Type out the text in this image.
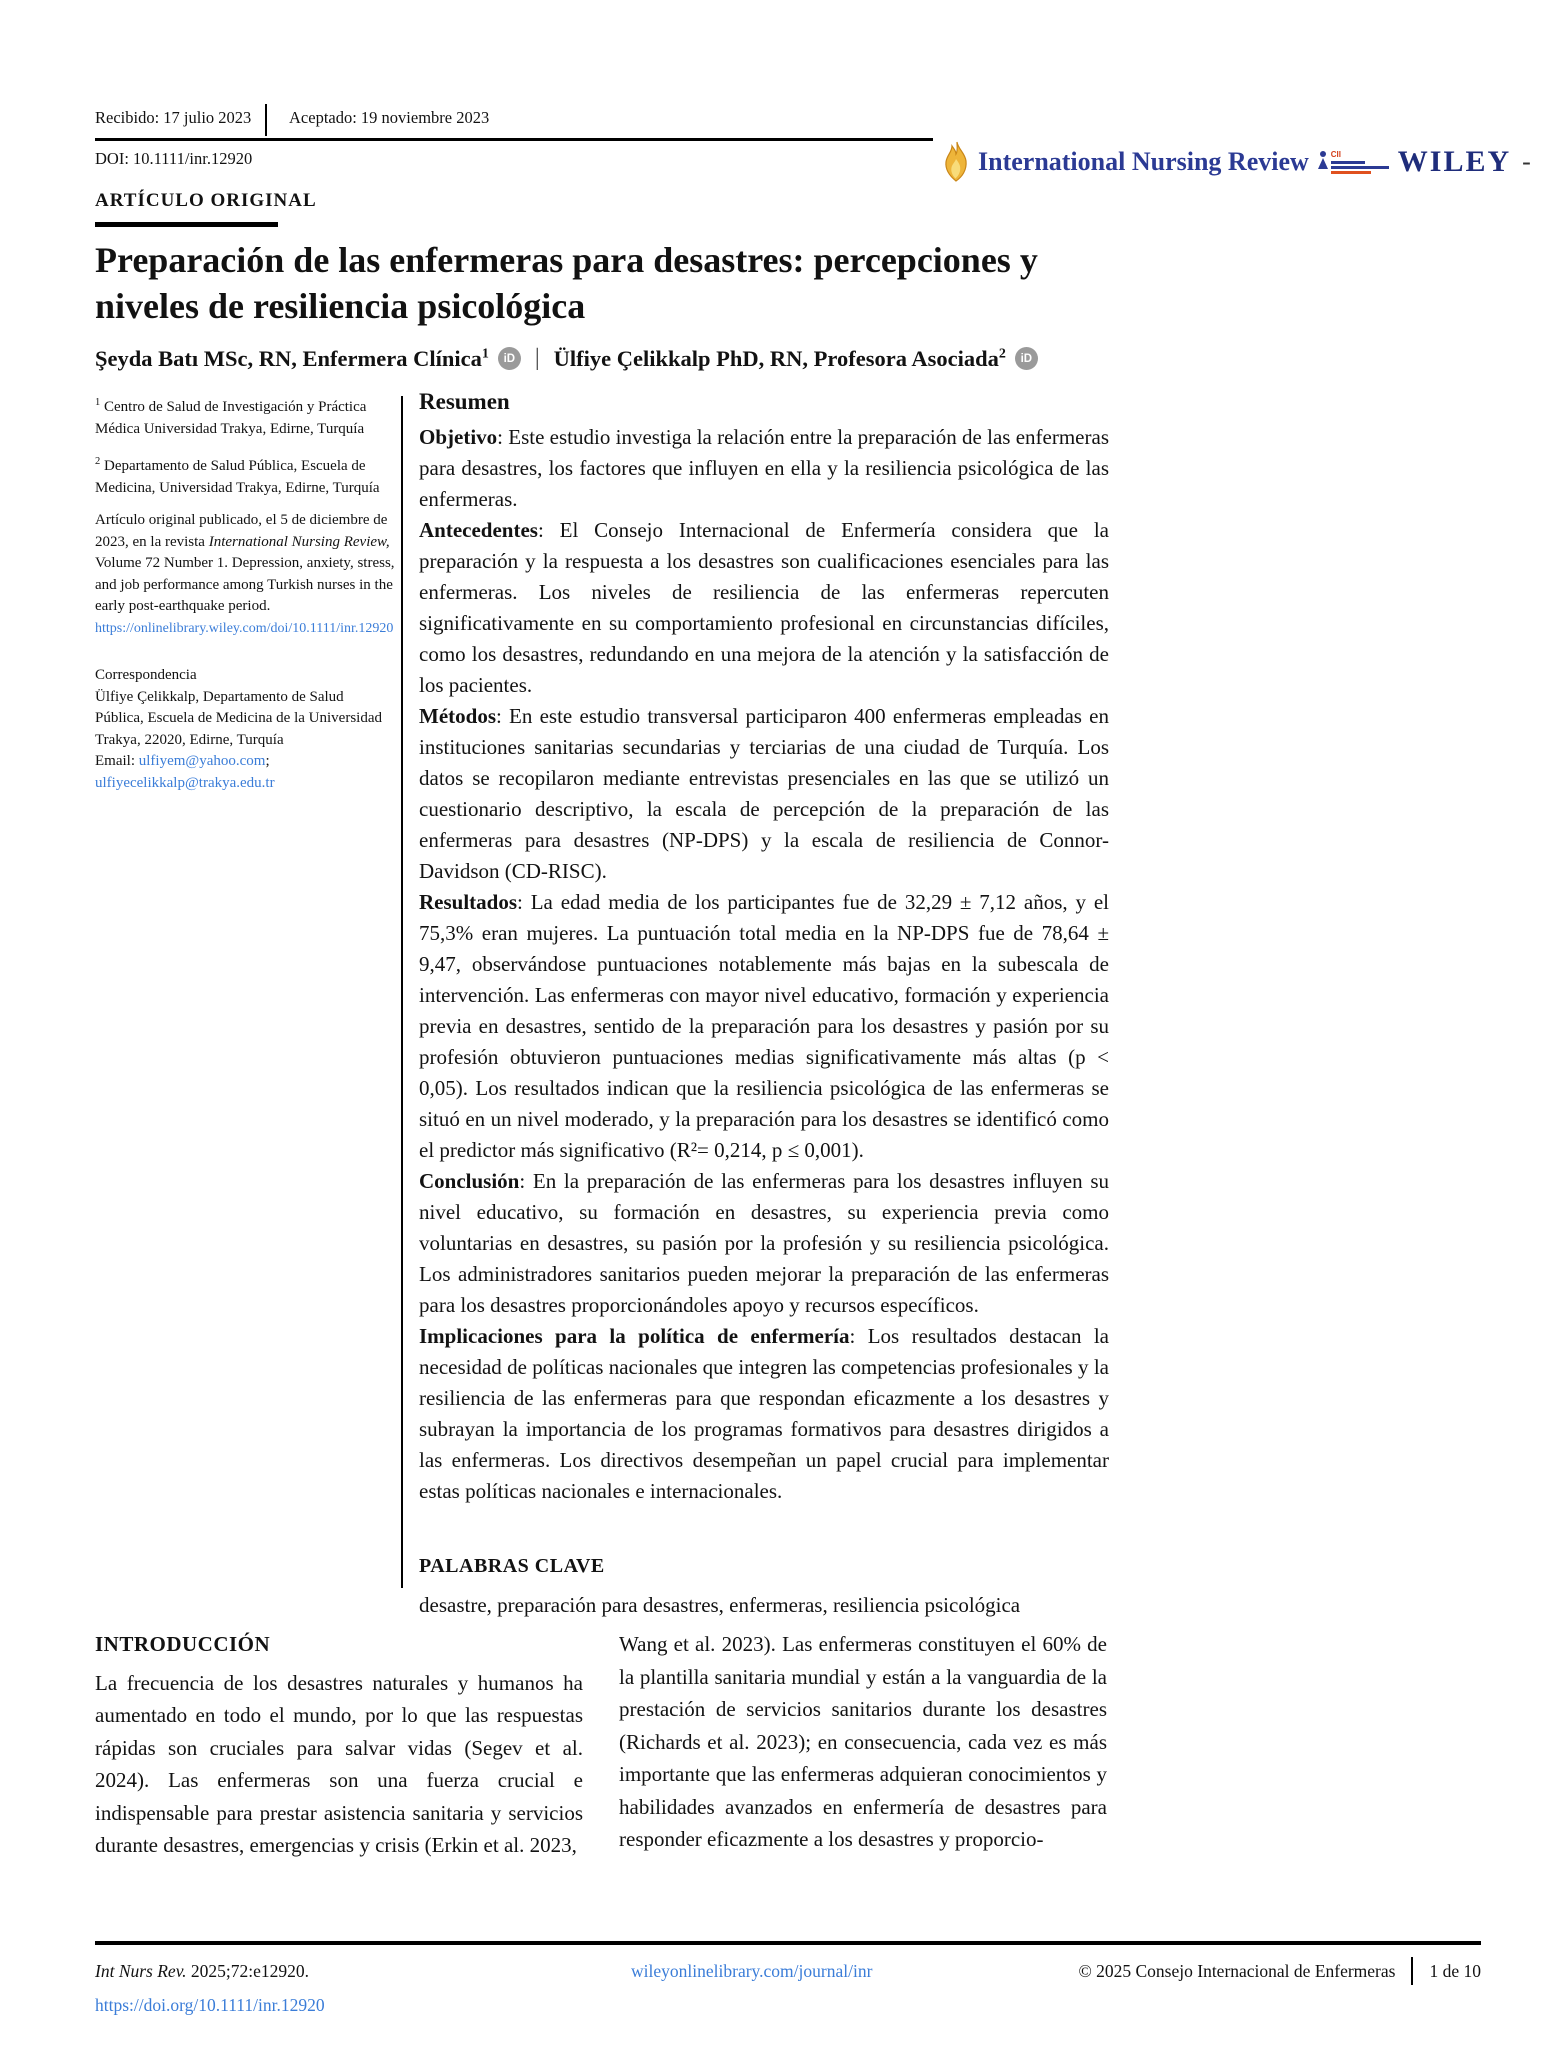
Recibido: 17 julio 2023	Aceptado: 19 noviembre 2023
DOI: 10.1111/inr.12920	International Nursing Review	CII	WILEY -
ARTÍCULO ORIGINAL
Preparación de las enfermeras para desastres: percepciones y niveles de resiliencia psicológica
Şeyda Batı MSc, RN, Enfermera Clínica$^1$	iD | Ülfiye Çelikkalp PhD, RN, Profesora Asociada$^2$	iD

$^1$ Centro de Salud de Investigación y Práctica Médica Universidad Trakya, Edirne, Turquía

$^2$ Departamento de Salud Pública, Escuela de Medicina, Universidad Trakya, Edirne, Turquía

Artículo original publicado, el 5 de diciembre de 2023, en la revista International Nursing Review, Volume 72 Number 1. Depression, anxiety, stress, and job performance among Turkish nurses in the early post-earthquake period.
https://onlinelibrary.wiley.com/doi/10.1111/inr.12920

Correspondencia

Ülfiye Çelikkalp, Departamento de Salud Pública, Escuela de Medicina de la Universidad Trakya, 22020, Edirne, Turquía

Email: ulfiyem@yahoo.com;
ulfiyecelikkalp@trakya.edu.tr

Resumen

Objetivo: Este estudio investiga la relación entre la preparación de las enfermeras para desastres, los factores que influyen en ella y la resiliencia psicológica de las enfermeras.

Antecedentes: El Consejo Internacional de Enfermería considera que la preparación y la respuesta a los desastres son cualificaciones esenciales para las enfermeras. Los niveles de resiliencia de las enfermeras repercuten significativamente en su comportamiento profesional en circunstancias difíciles, como los desastres, redundando en una mejora de la atención y la satisfacción de los pacientes.

Métodos: En este estudio transversal participaron 400 enfermeras empleadas en instituciones sanitarias secundarias y terciarias de una ciudad de Turquía. Los datos se recopilaron mediante entrevistas presenciales en las que se utilizó un cuestionario descriptivo, la escala de percepción de la preparación de las enfermeras para desastres (NP-DPS) y la escala de resiliencia de Connor-Davidson (CD-RISC).

Resultados: La edad media de los participantes fue de 32,29 ± 7,12 años, y el 75,3% eran mujeres. La puntuación total media en la NP-DPS fue de 78,64 ± 9,47, observándose puntuaciones notablemente más bajas en la subescala de intervención. Las enfermeras con mayor nivel educativo, formación y experiencia previa en desastres, sentido de la preparación para los desastres y pasión por su profesión obtuvieron puntuaciones medias significativamente más altas (p < 0,05). Los resultados indican que la resiliencia psicológica de las enfermeras se situó en un nivel moderado, y la preparación para los desastres se identificó como el predictor más significativo (R²= 0,214, p ≤ 0,001).

Conclusión: En la preparación de las enfermeras para los desastres influyen su nivel educativo, su formación en desastres, su experiencia previa como voluntarias en desastres, su pasión por la profesión y su resiliencia psicológica. Los administradores sanitarios pueden mejorar la preparación de las enfermeras para los desastres proporcionándoles apoyo y recursos específicos.

Implicaciones para la política de enfermería: Los resultados destacan la necesidad de políticas nacionales que integren las competencias profesionales y la resiliencia de las enfermeras para que respondan eficazmente a los desastres y subrayan la importancia de los programas formativos para desastres dirigidos a las enfermeras. Los directivos desempeñan un papel crucial para implementar estas políticas nacionales e internacionales.

PALABRAS CLAVE
desastre, preparación para desastres, enfermeras, resiliencia psicológica
INTRODUCCIÓN

La frecuencia de los desastres naturales y humanos ha aumentado en todo el mundo, por lo que las respuestas rápidas son cruciales para salvar vidas (Segev et al. 2024). Las enfermeras son una fuerza crucial e indispensable para prestar asistencia sanitaria y servicios durante desastres, emergencias y crisis (Erkin et al. 2023,

Wang et al. 2023). Las enfermeras constituyen el 60% de la plantilla sanitaria mundial y están a la vanguardia de la prestación de servicios sanitarios durante los desastres (Richards et al. 2023); en consecuencia, cada vez es más importante que las enfermeras adquieran conocimientos y habilidades avanzados en enfermería de desastres para responder eficazmente a los desastres y proporcio-

Int Nurs Rev. 2025;72:e12920.	wileyonlinelibrary.com/journal/inr	© 2025 Consejo Internacional de Enfermeras 1 de 10
https://doi.org/10.1111/inr.12920
